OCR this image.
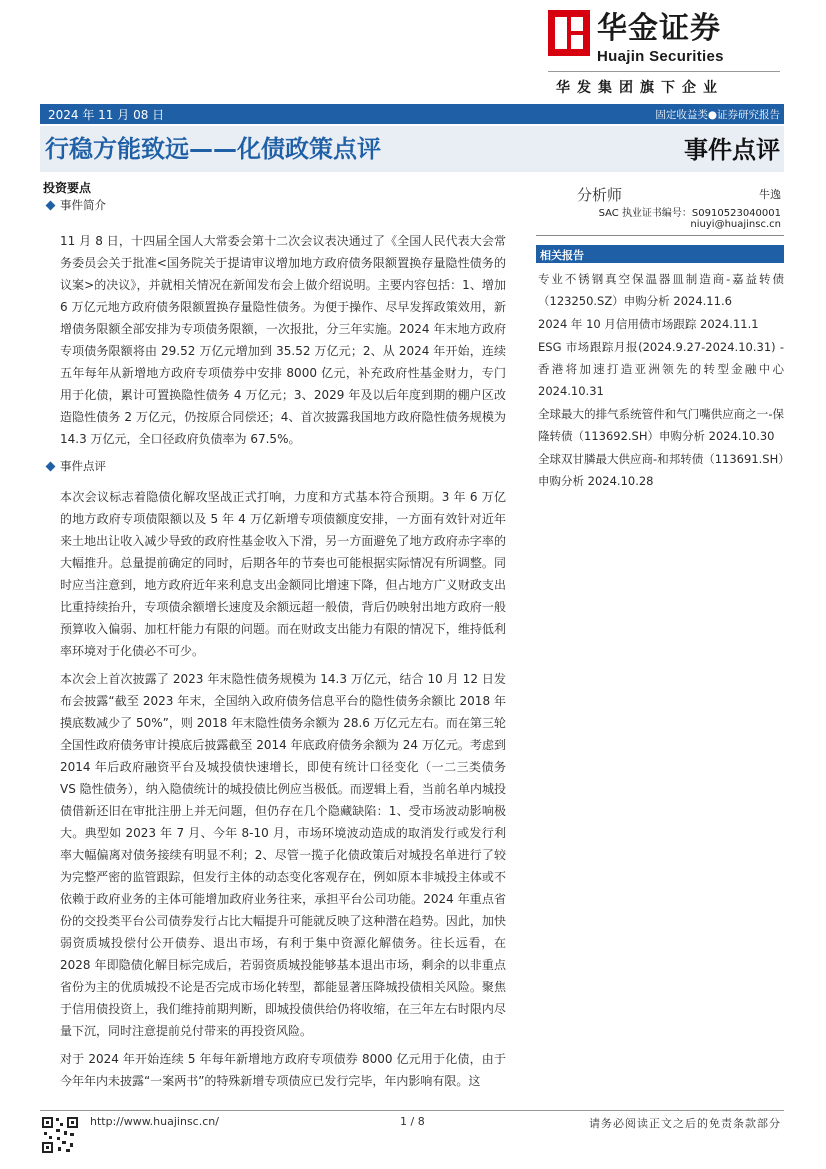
华金证券
Huajin Securities
华发集团旗下企业
2024 年 11 月 08 日	固定收益类●证券研究报告
行稳方能致远——化债政策点评	事件点评
投资要点
事件简介
11 月 8 日，十四届全国人大常委会第十二次会议表决通过了《全国人民代表大会常务委员会关于批准<国务院关于提请审议增加地方政府债务限额置换存量隐性债务的议案>的决议》，并就相关情况在新闻发布会上做介绍说明。主要内容包括：1、增加 6 万亿元地方政府债务限额置换存量隐性债务。为便于操作、尽早发挥政策效用，新增债务限额全部安排为专项债务限额，一次报批，分三年实施。2024 年末地方政府专项债务限额将由 29.52 万亿元增加到 35.52 万亿元；2、从 2024 年开始，连续五年每年从新增地方政府专项债券中安排 8000 亿元，补充政府性基金财力，专门用于化债，累计可置换隐性债务 4 万亿元；3、2029 年及以后年度到期的棚户区改造隐性债务 2 万亿元，仍按原合同偿还；4、首次披露我国地方政府隐性债务规模为 14.3 万亿元，全口径政府负债率为 67.5%。
事件点评
本次会议标志着隐债化解攻坚战正式打响，力度和方式基本符合预期。3 年 6 万亿的地方政府专项债限额以及 5 年 4 万亿新增专项债额度安排，一方面有效针对近年来土地出让收入减少导致的政府性基金收入下滑，另一方面避免了地方政府赤字率的大幅推升。总量提前确定的同时，后期各年的节奏也可能根据实际情况有所调整。同时应当注意到，地方政府近年来利息支出金额同比增速下降，但占地方广义财政支出比重持续抬升，专项债余额增长速度及余额远超一般债，背后仍映射出地方政府一般预算收入偏弱、加杠杆能力有限的问题。而在财政支出能力有限的情况下，维持低利率环境对于化债必不可少。
本次会上首次披露了 2023 年末隐性债务规模为 14.3 万亿元，结合 10 月 12 日发布会披露“截至 2023 年末，全国纳入政府债务信息平台的隐性债务余额比 2018 年摸底数减少了 50%”，则 2018 年末隐性债务余额为 28.6 万亿元左右。而在第三轮全国性政府债务审计摸底后披露截至 2014 年底政府债务余额为 24 万亿元。考虑到 2014 年后政府融资平台及城投债快速增长，即使有统计口径变化（一二三类债务 VS 隐性债务），纳入隐债统计的城投债比例应当极低。而逻辑上看，当前名单内城投债借新还旧在审批注册上并无问题，但仍存在几个隐藏缺陷：1、受市场波动影响极大。典型如 2023 年 7 月、今年 8-10 月，市场环境波动造成的取消发行或发行利率大幅偏离对债务接续有明显不利；2、尽管一揽子化债政策后对城投名单进行了较为完整严密的监管跟踪，但发行主体的动态变化客观存在，例如原本非城投主体或不依赖于政府业务的主体可能增加政府业务往来，承担平台公司功能。2024 年重点省份的交投类平台公司债券发行占比大幅提升可能就反映了这种潜在趋势。因此，加快弱资质城投偿付公开债券、退出市场，有利于集中资源化解债务。往长远看，在 2028 年即隐债化解目标完成后，若弱资质城投能够基本退出市场，剩余的以非重点省份为主的优质城投不论是否完成市场化转型，都能显著压降城投债相关风险。聚焦于信用债投资上，我们维持前期判断，即城投债供给仍将收缩，在三年左右时限内尽量下沉，同时注意提前兑付带来的再投资风险。
对于 2024 年开始连续 5 年每年新增地方政府专项债券 8000 亿元用于化债，由于今年年内未披露“一案两书”的特殊新增专项债应已发行完毕，年内影响有限。这
分析师	牛逸
SAC 执业证书编号：S0910523040001
niuyi@huajinsc.cn
相关报告
专业不锈钢真空保温器皿制造商-嘉益转债（123250.SZ）申购分析 2024.11.6
2024 年 10 月信用债市场跟踪 2024.11.1
ESG 市场跟踪月报(2024.9.27-2024.10.31) -香港将加速打造亚洲领先的转型金融中心 2024.10.31
全球最大的排气系统管件和气门嘴供应商之一-保隆转债（113692.SH）申购分析 2024.10.30
全球双甘膦最大供应商-和邦转债（113691.SH）申购分析 2024.10.28
http://www.huajinsc.cn/	1 / 8	请务必阅读正文之后的免责条款部分
